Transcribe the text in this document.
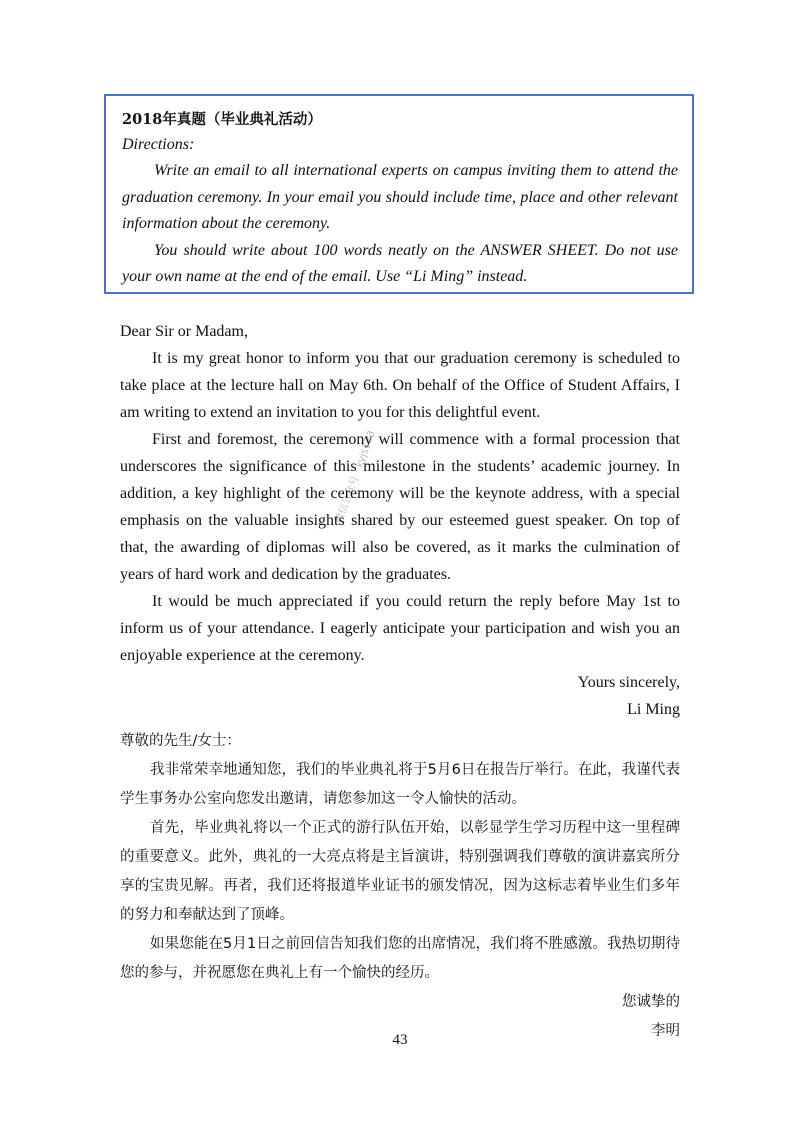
2018年真题（毕业典礼活动）
Directions:

Write an email to all international experts on campus inviting them to attend the graduation ceremony. In your email you should include time, place and other relevant information about the ceremony.

You should write about 100 words neatly on the ANSWER SHEET. Do not use your own name at the end of the email. Use “Li Ming” instead.

微信公众号 · kyjs123

Dear Sir or Madam,

It is my great honor to inform you that our graduation ceremony is scheduled to take place at the lecture hall on May 6th. On behalf of the Office of Student Affairs, I am writing to extend an invitation to you for this delightful event.

First and foremost, the ceremony will commence with a formal procession that underscores the significance of this milestone in the students’ academic journey. In addition, a key highlight of the ceremony will be the keynote address, with a special emphasis on the valuable insights shared by our esteemed guest speaker. On top of that, the awarding of diplomas will also be covered, as it marks the culmination of years of hard work and dedication by the graduates.

It would be much appreciated if you could return the reply before May 1st to inform us of your attendance. I eagerly anticipate your participation and wish you an enjoyable experience at the ceremony.

Yours sincerely,

Li Ming

尊敬的先生/女士：

我非常荣幸地通知您，我们的毕业典礼将于5月6日在报告厅举行。在此，我谨代表学生事务办公室向您发出邀请，请您参加这一令人愉快的活动。

首先，毕业典礼将以一个正式的游行队伍开始，以彰显学生学习历程中这一里程碑的重要意义。此外，典礼的一大亮点将是主旨演讲，特别强调我们尊敬的演讲嘉宾所分享的宝贵见解。再者，我们还将报道毕业证书的颁发情况，因为这标志着毕业生们多年的努力和奉献达到了顶峰。

如果您能在5月1日之前回信告知我们您的出席情况，我们将不胜感激。我热切期待您的参与，并祝愿您在典礼上有一个愉快的经历。

您诚挚的

李明

43
